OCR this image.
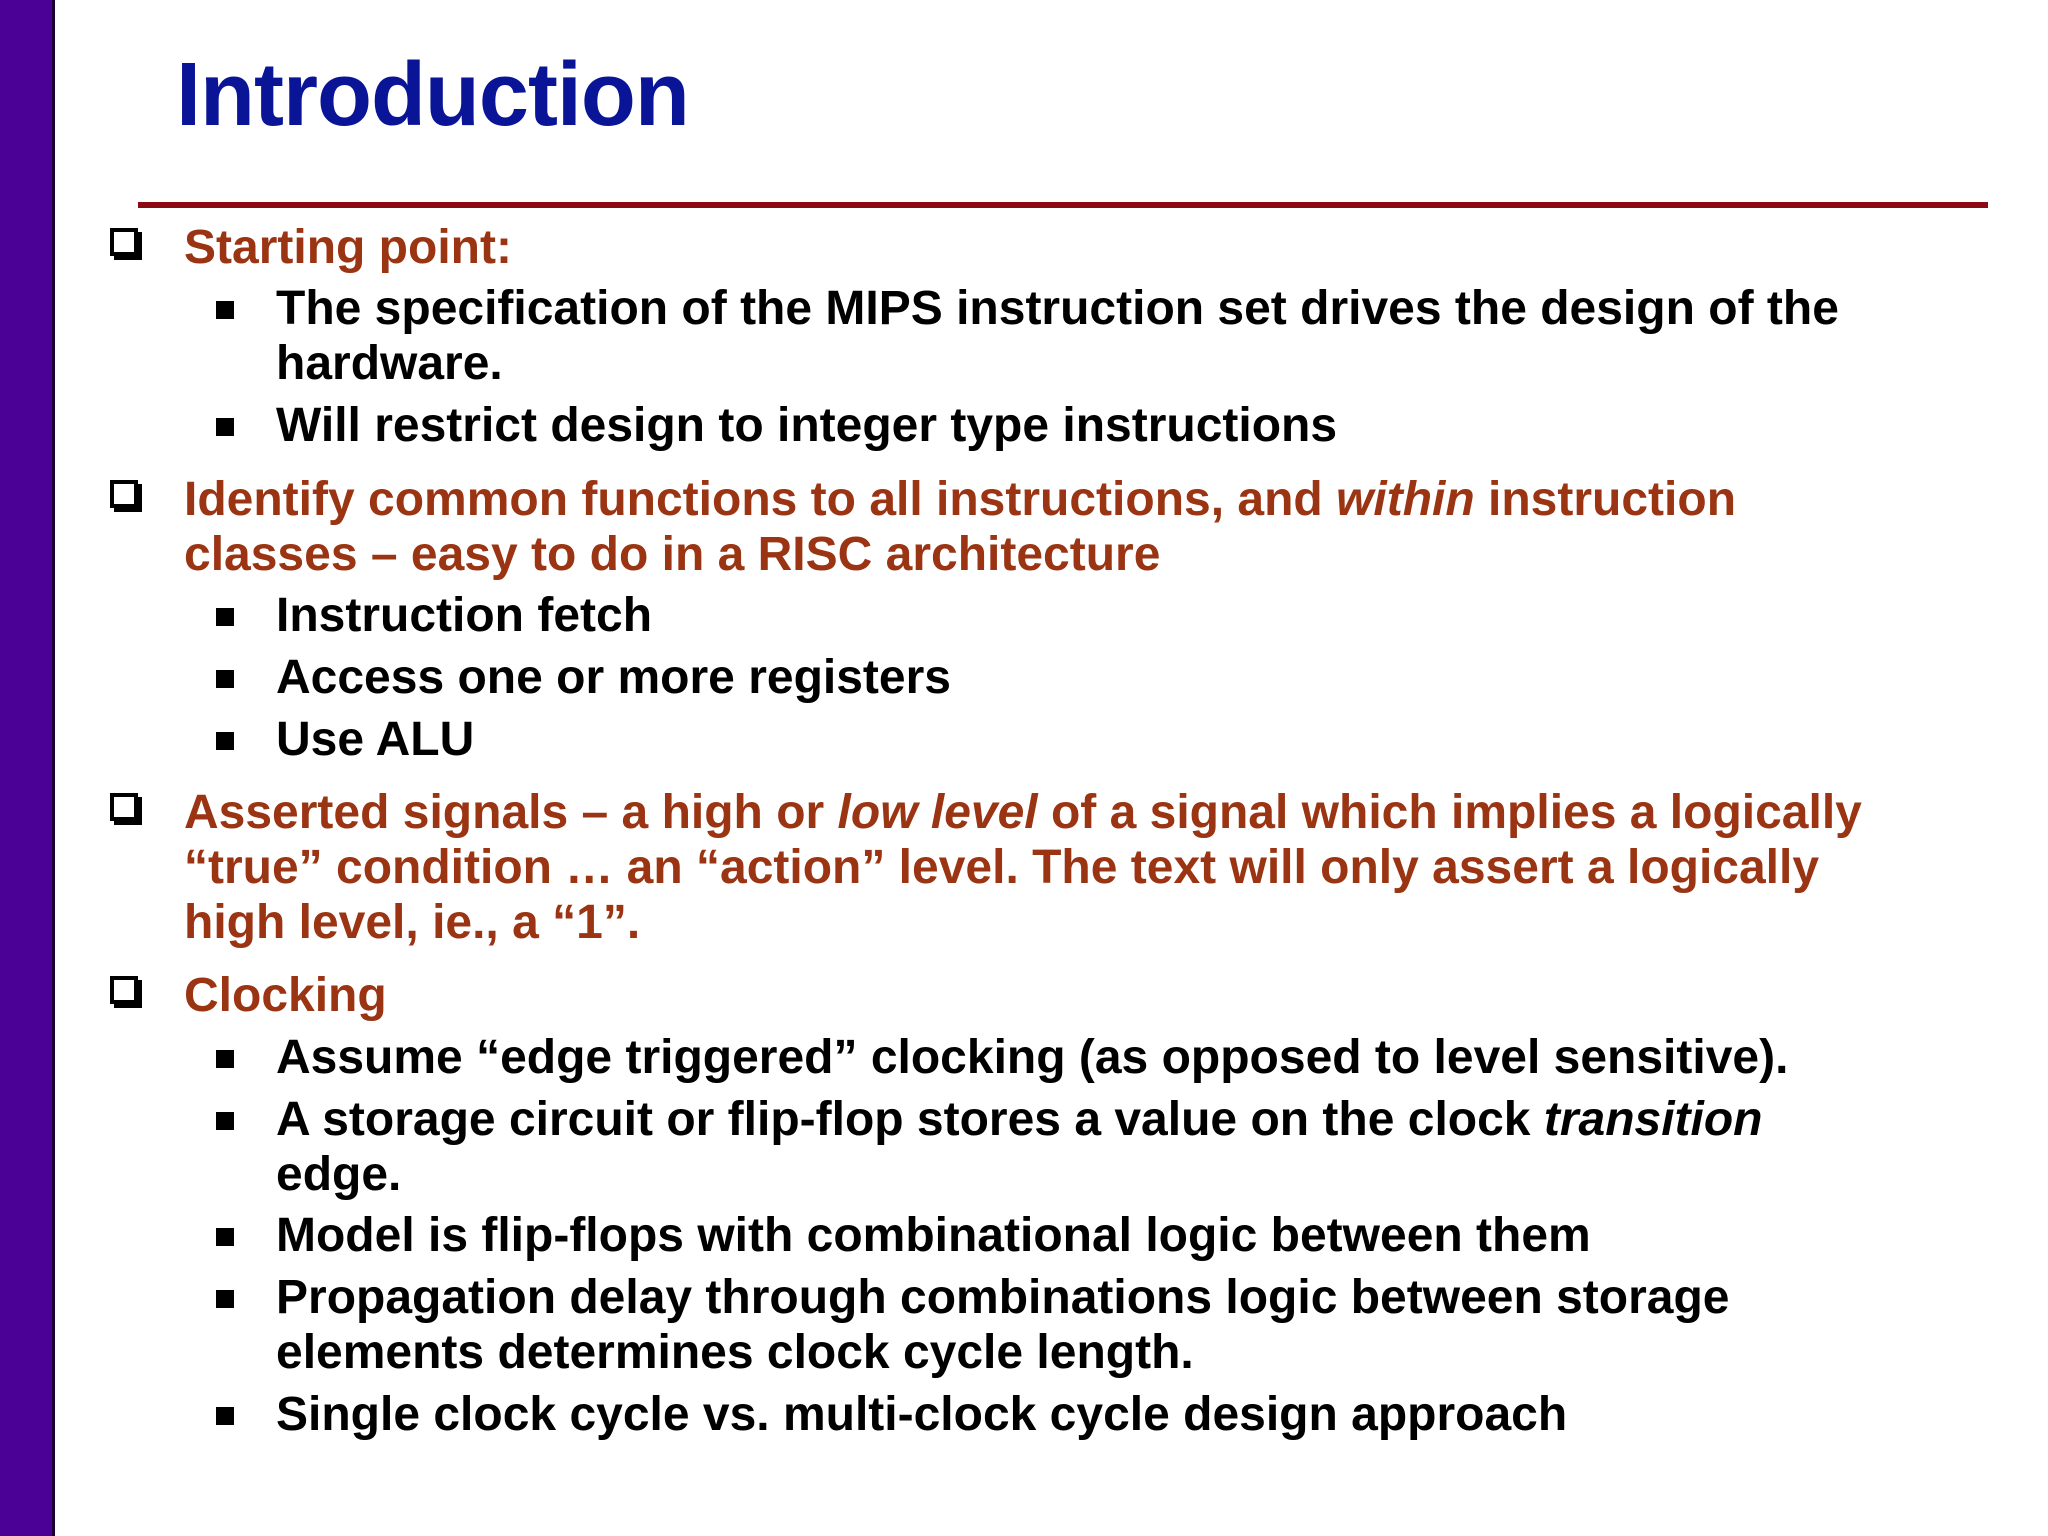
Introduction
Starting point:
The specification of the MIPS instruction set drives the design of the
hardware.
Will restrict design to integer type instructions
Identify common functions to all instructions, and within instruction
classes – easy to do in a RISC architecture
Instruction fetch
Access one or more registers
Use ALU
Asserted signals – a high or low level of a signal which implies a logically
“true” condition … an “action” level. The text will only assert a logically
high level, ie., a “1”.
Clocking
Assume “edge triggered” clocking (as opposed to level sensitive).
A storage circuit or flip-flop stores a value on the clock transition
edge.
Model is flip-flops with combinational logic between them
Propagation delay through combinations logic between storage
elements determines clock cycle length.
Single clock cycle vs. multi-clock cycle design approach
